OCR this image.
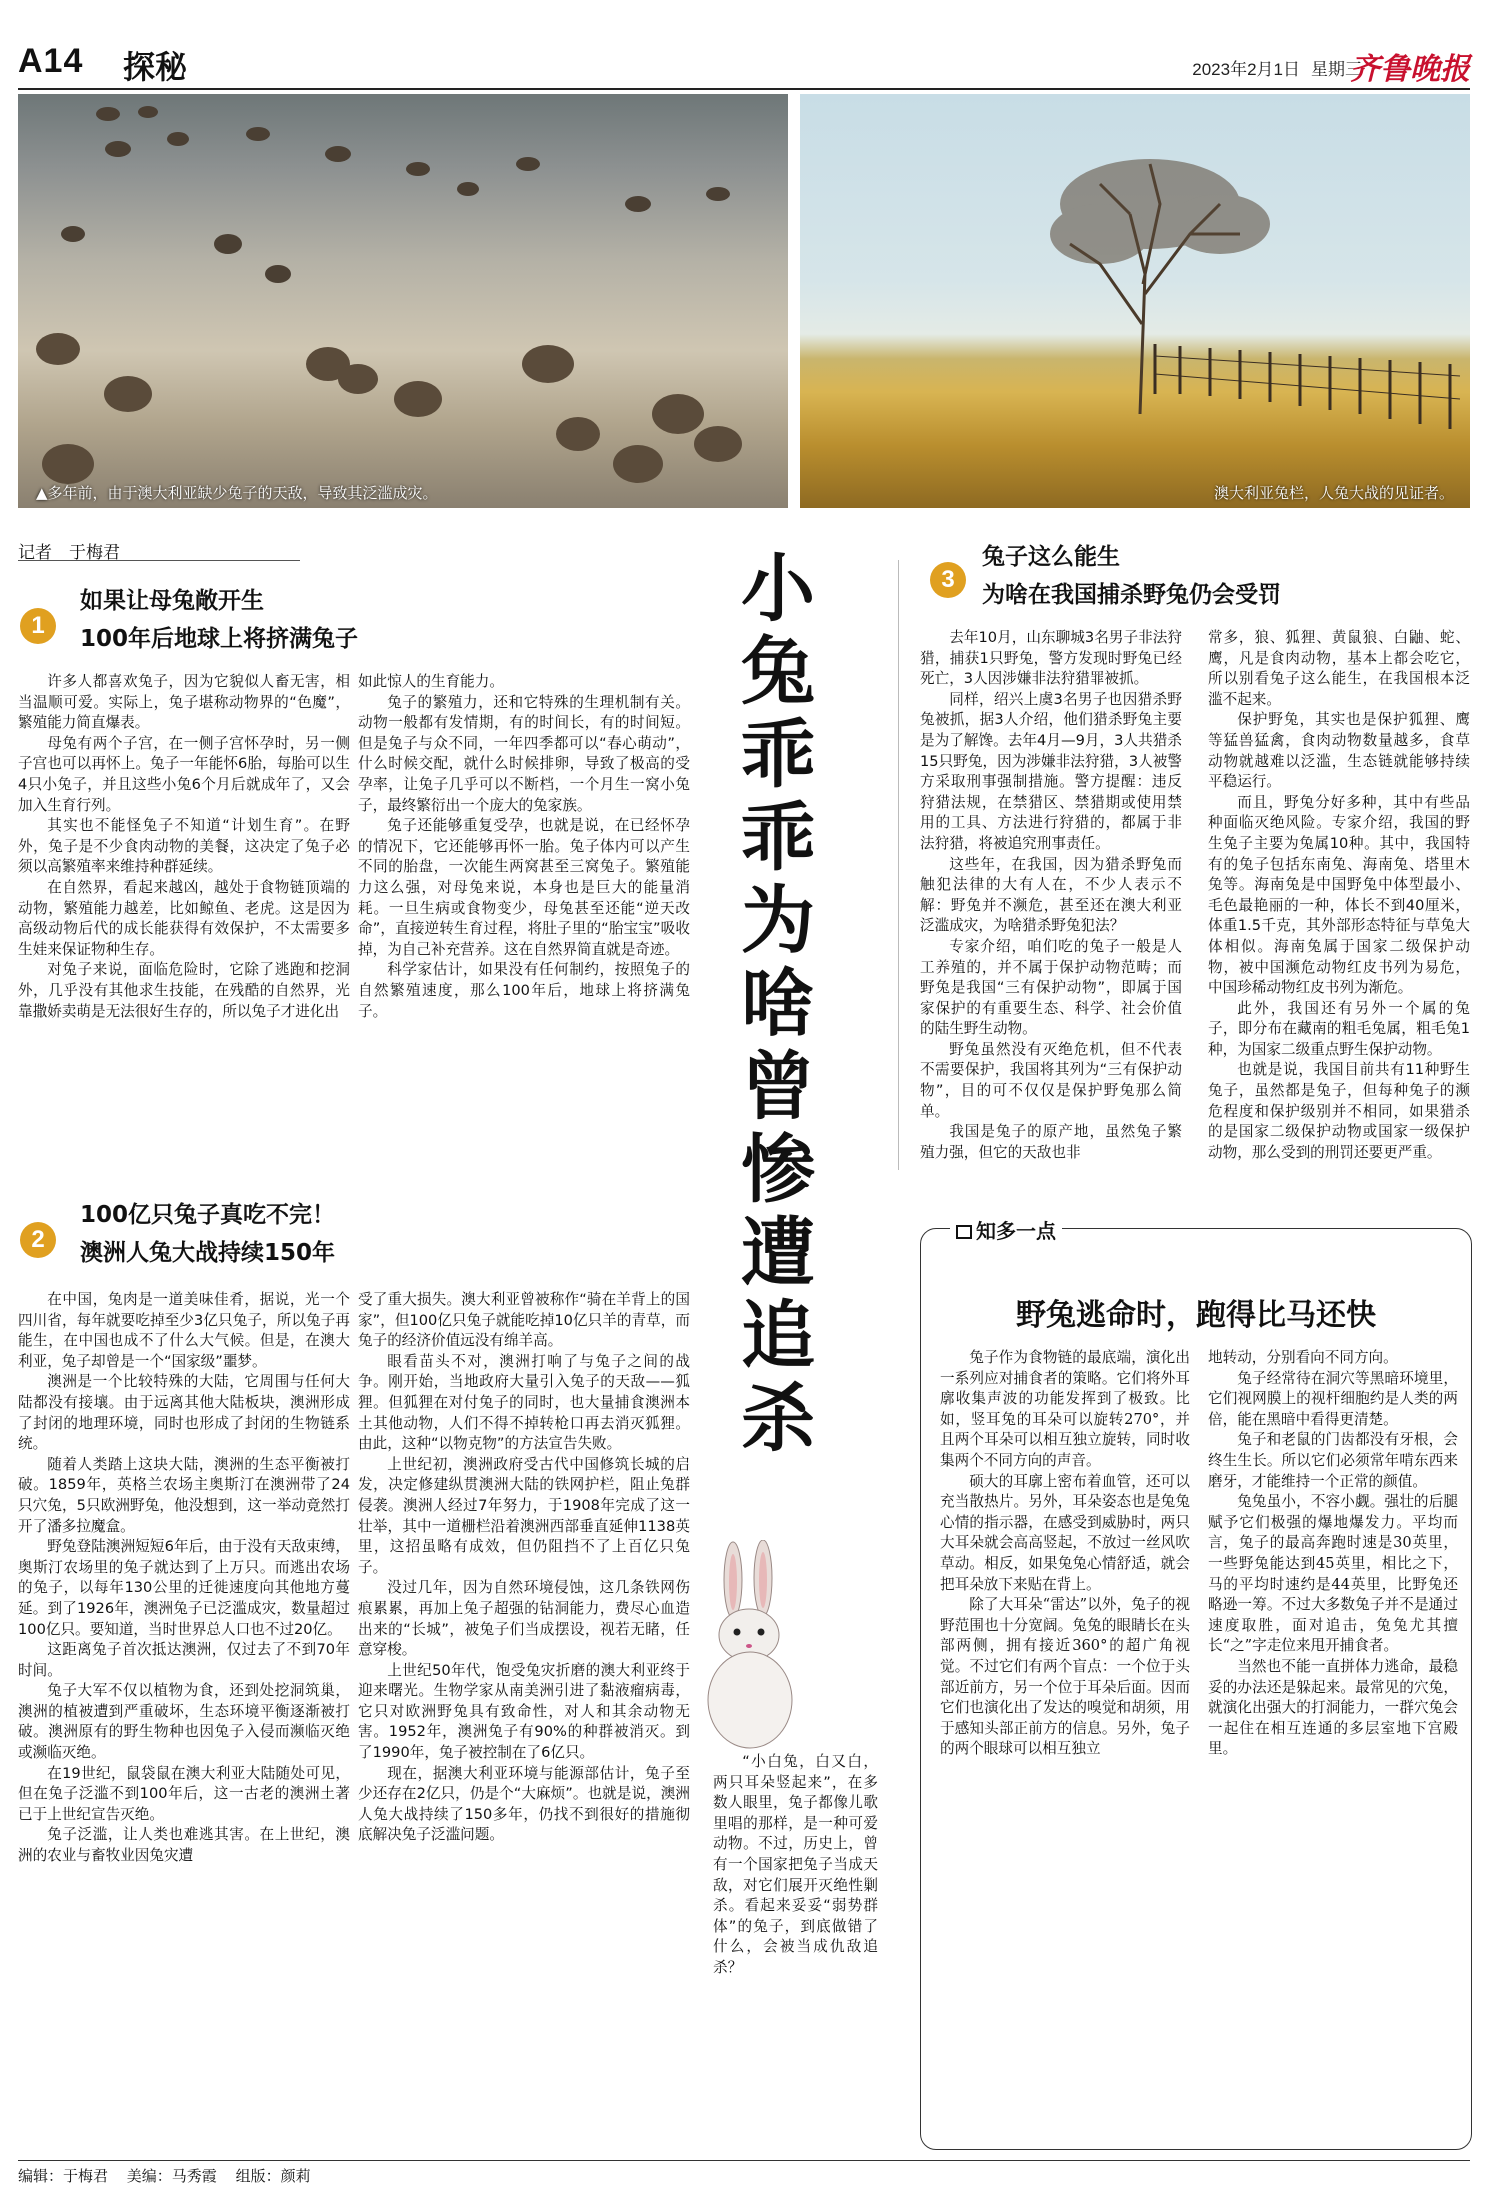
A14 探秘	2023年2月1日 星期三
齐鲁晚报
▲多年前，由于澳大利亚缺少兔子的天敌，导致其泛滥成灾。	澳大利亚兔栏，人兔大战的见证者。
记者　于梅君
1
如果让母兔敞开生
100年后地球上将挤满兔子

许多人都喜欢兔子，因为它貌似人畜无害，相当温顺可爱。实际上，兔子堪称动物界的“色魔”，繁殖能力简直爆表。

母兔有两个子宫，在一侧子宫怀孕时，另一侧子宫也可以再怀上。兔子一年能怀6胎，每胎可以生4只小兔子，并且这些小兔6个月后就成年了，又会加入生育行列。

其实也不能怪兔子不知道“计划生育”。在野外，兔子是不少食肉动物的美餐，这决定了兔子必须以高繁殖率来维持种群延续。

在自然界，看起来越凶，越处于食物链顶端的动物，繁殖能力越差，比如鲸鱼、老虎。这是因为高级动物后代的成长能获得有效保护，不太需要多生娃来保证物种生存。

对兔子来说，面临危险时，它除了逃跑和挖洞外，几乎没有其他求生技能，在残酷的自然界，光靠撒娇卖萌是无法很好生存的，所以兔子才进化出

如此惊人的生育能力。

兔子的繁殖力，还和它特殊的生理机制有关。动物一般都有发情期，有的时间长，有的时间短。但是兔子与众不同，一年四季都可以“春心萌动”，什么时候交配，就什么时候排卵，导致了极高的受孕率，让兔子几乎可以不断档，一个月生一窝小兔子，最终繁衍出一个庞大的兔家族。

兔子还能够重复受孕，也就是说，在已经怀孕的情况下，它还能够再怀一胎。兔子体内可以产生不同的胎盘，一次能生两窝甚至三窝兔子。繁殖能力这么强，对母兔来说，本身也是巨大的能量消耗。一旦生病或食物变少，母兔甚至还能“逆天改命”，直接逆转生育过程，将肚子里的“胎宝宝”吸收掉，为自己补充营养。这在自然界简直就是奇迹。

科学家估计，如果没有任何制约，按照兔子的自然繁殖速度，那么100年后，地球上将挤满兔子。

2
100亿只兔子真吃不完！
澳洲人兔大战持续150年

在中国，兔肉是一道美味佳肴，据说，光一个四川省，每年就要吃掉至少3亿只兔子，所以兔子再能生，在中国也成不了什么大气候。但是，在澳大利亚，兔子却曾是一个“国家级”噩梦。

澳洲是一个比较特殊的大陆，它周围与任何大陆都没有接壤。由于远离其他大陆板块，澳洲形成了封闭的地理环境，同时也形成了封闭的生物链系统。

随着人类踏上这块大陆，澳洲的生态平衡被打破。1859年，英格兰农场主奥斯汀在澳洲带了24只穴兔，5只欧洲野兔，他没想到，这一举动竟然打开了潘多拉魔盒。

野兔登陆澳洲短短6年后，由于没有天敌束缚，奥斯汀农场里的兔子就达到了上万只。而逃出农场的兔子，以每年130公里的迁徙速度向其他地方蔓延。到了1926年，澳洲兔子已泛滥成灾，数量超过100亿只。要知道，当时世界总人口也不过20亿。

这距离兔子首次抵达澳洲，仅过去了不到70年时间。

兔子大军不仅以植物为食，还到处挖洞筑巢，澳洲的植被遭到严重破坏，生态环境平衡逐渐被打破。澳洲原有的野生物种也因兔子入侵而濒临灭绝或濒临灭绝。

在19世纪，鼠袋鼠在澳大利亚大陆随处可见，但在兔子泛滥不到100年后，这一古老的澳洲土著已于上世纪宣告灭绝。

兔子泛滥，让人类也难逃其害。在上世纪，澳洲的农业与畜牧业因兔灾遭

受了重大损失。澳大利亚曾被称作“骑在羊背上的国家”，但100亿只兔子就能吃掉10亿只羊的青草，而兔子的经济价值远没有绵羊高。

眼看苗头不对，澳洲打响了与兔子之间的战争。刚开始，当地政府大量引入兔子的天敌——狐狸。但狐狸在对付兔子的同时，也大量捕食澳洲本土其他动物，人们不得不掉转枪口再去消灭狐狸。由此，这种“以物克物”的方法宣告失败。

上世纪初，澳洲政府受古代中国修筑长城的启发，决定修建纵贯澳洲大陆的铁网护栏，阻止兔群侵袭。澳洲人经过7年努力，于1908年完成了这一壮举，其中一道栅栏沿着澳洲西部垂直延伸1138英里，这招虽略有成效，但仍阻挡不了上百亿只兔子。

没过几年，因为自然环境侵蚀，这几条铁网伤痕累累，再加上兔子超强的钻洞能力，费尽心血造出来的“长城”，被兔子们当成摆设，视若无睹，任意穿梭。

上世纪50年代，饱受兔灾折磨的澳大利亚终于迎来曙光。生物学家从南美洲引进了黏液瘤病毒，它只对欧洲野兔具有致命性，对人和其余动物无害。1952年，澳洲兔子有90%的种群被消灭。到了1990年，兔子被控制在了6亿只。

现在，据澳大利亚环境与能源部估计，兔子至少还存在2亿只，仍是个“大麻烦”。也就是说，澳洲人兔大战持续了150多年，仍找不到很好的措施彻底解决兔子泛滥问题。

小兔乖乖为啥曾惨遭追杀

“小白兔，白又白，两只耳朵竖起来”，在多数人眼里，兔子都像儿歌里唱的那样，是一种可爱动物。不过，历史上，曾有一个国家把兔子当成天敌，对它们展开灭绝性剿杀。看起来妥妥“弱势群体”的兔子，到底做错了什么，会被当成仇敌追杀？

3
兔子这么能生
为啥在我国捕杀野兔仍会受罚

去年10月，山东聊城3名男子非法狩猎，捕获1只野兔，警方发现时野兔已经死亡，3人因涉嫌非法狩猎罪被抓。

同样，绍兴上虞3名男子也因猎杀野兔被抓，据3人介绍，他们猎杀野兔主要是为了解馋。去年4月—9月，3人共猎杀15只野兔，因为涉嫌非法狩猎，3人被警方采取刑事强制措施。警方提醒：违反狩猎法规，在禁猎区、禁猎期或使用禁用的工具、方法进行狩猎的，都属于非法狩猎，将被追究刑事责任。

这些年，在我国，因为猎杀野兔而触犯法律的大有人在，不少人表示不解：野兔并不濒危，甚至还在澳大利亚泛滥成灾，为啥猎杀野兔犯法？

专家介绍，咱们吃的兔子一般是人工养殖的，并不属于保护动物范畴；而野兔是我国“三有保护动物”，即属于国家保护的有重要生态、科学、社会价值的陆生野生动物。

野兔虽然没有灭绝危机，但不代表不需要保护，我国将其列为“三有保护动物”，目的可不仅仅是保护野兔那么简单。

我国是兔子的原产地，虽然兔子繁殖力强，但它的天敌也非

常多，狼、狐狸、黄鼠狼、白鼬、蛇、鹰，凡是食肉动物，基本上都会吃它，所以别看兔子这么能生，在我国根本泛滥不起来。

保护野兔，其实也是保护狐狸、鹰等猛兽猛禽，食肉动物数量越多，食草动物就越难以泛滥，生态链就能够持续平稳运行。

而且，野兔分好多种，其中有些品种面临灭绝风险。专家介绍，我国的野生兔子主要为兔属10种。其中，我国特有的兔子包括东南兔、海南兔、塔里木兔等。海南兔是中国野兔中体型最小、毛色最艳丽的一种，体长不到40厘米，体重1.5千克，其外部形态特征与草兔大体相似。海南兔属于国家二级保护动物，被中国濒危动物红皮书列为易危，中国珍稀动物红皮书列为渐危。

此外，我国还有另外一个属的兔子，即分布在藏南的粗毛兔属，粗毛兔1种，为国家二级重点野生保护动物。

也就是说，我国目前共有11种野生兔子，虽然都是兔子，但每种兔子的濒危程度和保护级别并不相同，如果猎杀的是国家二级保护动物或国家一级保护动物，那么受到的刑罚还要更严重。

知多一点
野兔逃命时，跑得比马还快

兔子作为食物链的最底端，演化出一系列应对捕食者的策略。它们将外耳廓收集声波的功能发挥到了极致。比如，竖耳兔的耳朵可以旋转270°，并且两个耳朵可以相互独立旋转，同时收集两个不同方向的声音。

硕大的耳廓上密布着血管，还可以充当散热片。另外，耳朵姿态也是兔兔心情的指示器，在感受到威胁时，两只大耳朵就会高高竖起，不放过一丝风吹草动。相反，如果兔兔心情舒适，就会把耳朵放下来贴在背上。

除了大耳朵“雷达”以外，兔子的视野范围也十分宽阔。兔兔的眼睛长在头部两侧，拥有接近360°的超广角视觉。不过它们有两个盲点：一个位于头部近前方，另一个位于耳朵后面。因而它们也演化出了发达的嗅觉和胡须，用于感知头部正前方的信息。另外，兔子的两个眼球可以相互独立

地转动，分别看向不同方向。

兔子经常待在洞穴等黑暗环境里，它们视网膜上的视杆细胞约是人类的两倍，能在黑暗中看得更清楚。

兔子和老鼠的门齿都没有牙根，会终生生长。所以它们必须常年啃东西来磨牙，才能维持一个正常的颜值。

兔兔虽小，不容小觑。强壮的后腿赋予它们极强的爆地爆发力。平均而言，兔子的最高奔跑时速是30英里，一些野兔能达到45英里，相比之下，马的平均时速约是44英里，比野兔还略逊一筹。不过大多数兔子并不是通过速度取胜，面对追击，兔兔尤其擅长“之”字走位来甩开捕食者。

当然也不能一直拼体力逃命，最稳妥的办法还是躲起来。最常见的穴兔，就演化出强大的打洞能力，一群穴兔会一起住在相互连通的多层室地下宫殿里。

编辑：于梅君 美编：马秀霞 组版：颜莉
